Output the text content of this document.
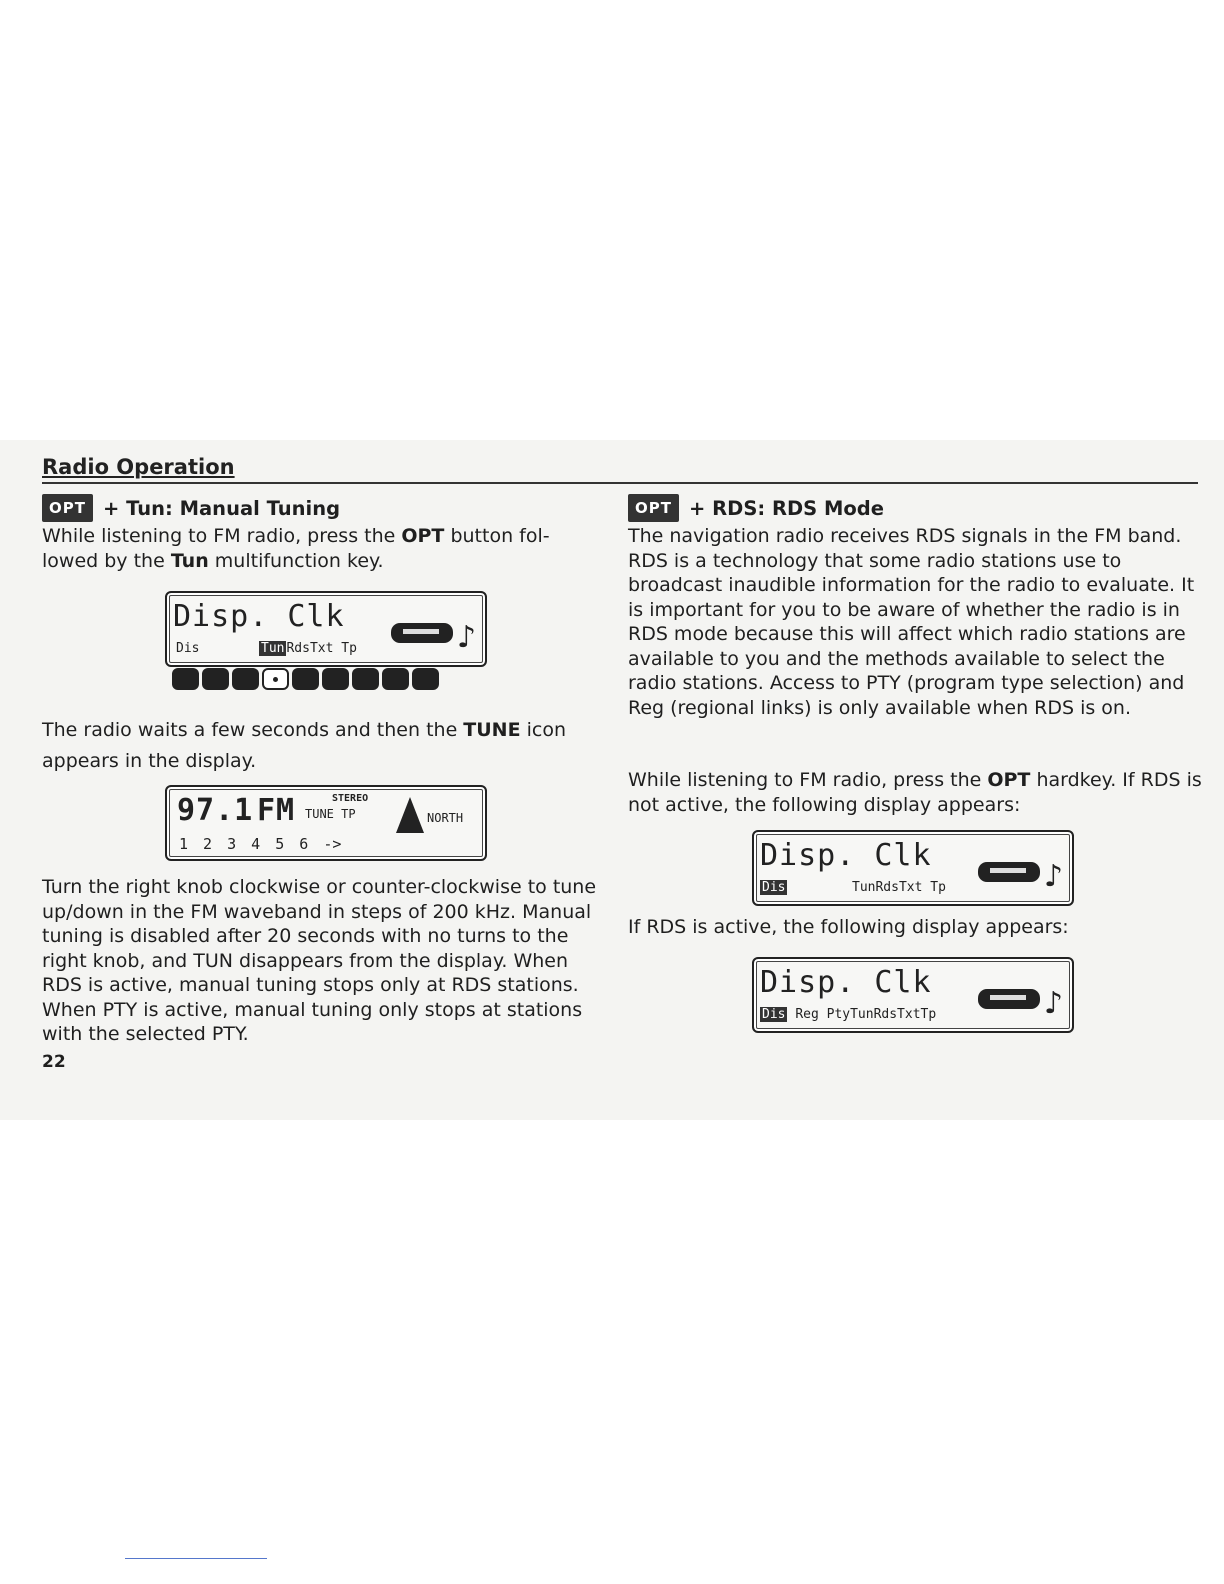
Radio Operation
OPT + Tun: Manual Tuning

While listening to FM radio, press the OPT button fol-lowed by the Tun multifunction key.

Disp. Clk
Dis	Tun RdsTxt Tp	♪

The radio waits a few seconds and then the TUNE icon appears in the display.

97.1 FM	STEREO
TUNE TP	NORTH
1 2 3 4 5 6 ->

Turn the right knob clockwise or counter-clockwise to tune up/down in the FM waveband in steps of 200 kHz. Manual tuning is disabled after 20 seconds with no turns to the right knob, and TUN disappears from the display. When RDS is active, manual tuning stops only at RDS stations. When PTY is active, manual tuning only stops at stations with the selected PTY.

22
OPT + RDS: RDS Mode

The navigation radio receives RDS signals in the FM band. RDS is a technology that some radio stations use to broadcast inaudible information for the radio to evaluate. It is important for you to be aware of whether the radio is in RDS mode because this will affect which radio stations are available to you and the methods available to select the radio stations. Access to PTY (program type selection) and Reg (regional links) is only available when RDS is on.

While listening to FM radio, press the OPT hardkey. If RDS is not active, the following display appears:

Disp. Clk
Dis	TunRdsTxt Tp	♪

If RDS is active, the following display appears:

Disp. Clk
Dis Reg PtyTunRdsTxtTp	♪
